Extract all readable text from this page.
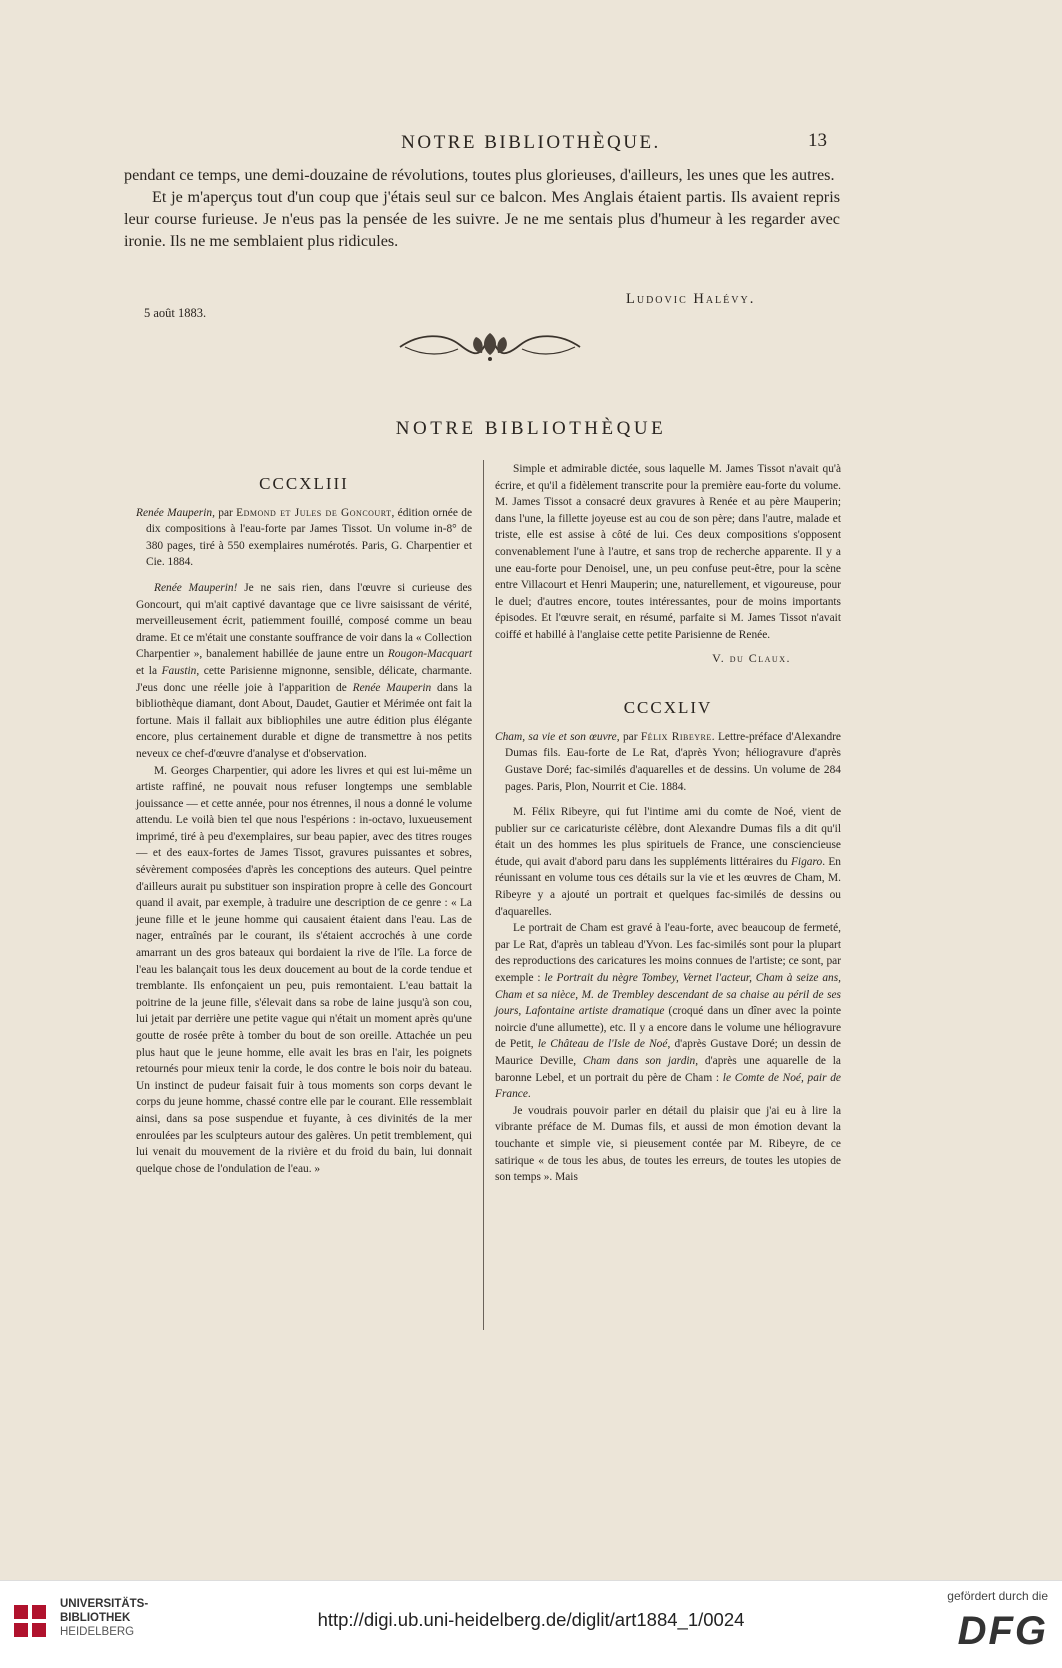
NOTRE BIBLIOTHÈQUE.	13

pendant ce temps, une demi-douzaine de révolutions, toutes plus glorieuses, d'ailleurs, les unes que les autres.

Et je m'aperçus tout d'un coup que j'étais seul sur ce balcon. Mes Anglais étaient partis. Ils avaient repris leur course furieuse. Je n'eus pas la pensée de les suivre. Je ne me sentais plus d'humeur à les regarder avec ironie. Ils ne me semblaient plus ridicules.

Ludovic Halévy.
5 août 1883.
NOTRE BIBLIOTHÈQUE
CCCXLIII

Renée Mauperin, par Edmond et Jules de Goncourt, édition ornée de dix compositions à l'eau-forte par James Tissot. Un volume in-8° de 380 pages, tiré à 550 exemplaires numérotés. Paris, G. Charpentier et Cie. 1884.

Renée Mauperin! Je ne sais rien, dans l'œuvre si curieuse des Goncourt, qui m'ait captivé davantage que ce livre saisissant de vérité, merveilleusement écrit, patiemment fouillé, composé comme un beau drame. Et ce m'était une constante souffrance de voir dans la « Collection Charpentier », banalement habillée de jaune entre un Rougon-Macquart et la Faustin, cette Parisienne mignonne, sensible, délicate, charmante. J'eus donc une réelle joie à l'apparition de Renée Mauperin dans la bibliothèque diamant, dont About, Daudet, Gautier et Mérimée ont fait la fortune. Mais il fallait aux bibliophiles une autre édition plus élégante encore, plus certainement durable et digne de transmettre à nos petits neveux ce chef-d'œuvre d'analyse et d'observation.

M. Georges Charpentier, qui adore les livres et qui est lui-même un artiste raffiné, ne pouvait nous refuser longtemps une semblable jouissance — et cette année, pour nos étrennes, il nous a donné le volume attendu. Le voilà bien tel que nous l'espérions : in-octavo, luxueusement imprimé, tiré à peu d'exemplaires, sur beau papier, avec des titres rouges — et des eaux-fortes de James Tissot, gravures puissantes et sobres, sévèrement composées d'après les conceptions des auteurs. Quel peintre d'ailleurs aurait pu substituer son inspiration propre à celle des Goncourt quand il avait, par exemple, à traduire une description de ce genre : « La jeune fille et le jeune homme qui causaient étaient dans l'eau. Las de nager, entraînés par le courant, ils s'étaient accrochés à une corde amarrant un des gros bateaux qui bordaient la rive de l'île. La force de l'eau les balançait tous les deux doucement au bout de la corde tendue et tremblante. Ils enfonçaient un peu, puis remontaient. L'eau battait la poitrine de la jeune fille, s'élevait dans sa robe de laine jusqu'à son cou, lui jetait par derrière une petite vague qui n'était un moment après qu'une goutte de rosée prête à tomber du bout de son oreille. Attachée un peu plus haut que le jeune homme, elle avait les bras en l'air, les poignets retournés pour mieux tenir la corde, le dos contre le bois noir du bateau. Un instinct de pudeur faisait fuir à tous moments son corps devant le corps du jeune homme, chassé contre elle par le courant. Elle ressemblait ainsi, dans sa pose suspendue et fuyante, à ces divinités de la mer enroulées par les sculpteurs autour des galères. Un petit tremblement, qui lui venait du mouvement de la rivière et du froid du bain, lui donnait quelque chose de l'ondulation de l'eau. »

Simple et admirable dictée, sous laquelle M. James Tissot n'avait qu'à écrire, et qu'il a fidèlement transcrite pour la première eau-forte du volume. M. James Tissot a consacré deux gravures à Renée et au père Mauperin; dans l'une, la fillette joyeuse est au cou de son père; dans l'autre, malade et triste, elle est assise à côté de lui. Ces deux compositions s'opposent convenablement l'une à l'autre, et sans trop de recherche apparente. Il y a une eau-forte pour Denoisel, une, un peu confuse peut-être, pour la scène entre Villacourt et Henri Mauperin; une, naturellement, et vigoureuse, pour le duel; d'autres encore, toutes intéressantes, pour de moins importants épisodes. Et l'œuvre serait, en résumé, parfaite si M. James Tissot n'avait coiffé et habillé à l'anglaise cette petite Parisienne de Renée.

V. du Claux.
CCCXLIV

Cham, sa vie et son œuvre, par Félix Ribeyre. Lettre-préface d'Alexandre Dumas fils. Eau-forte de Le Rat, d'après Yvon; héliogravure d'après Gustave Doré; fac-similés d'aquarelles et de dessins. Un volume de 284 pages. Paris, Plon, Nourrit et Cie. 1884.

M. Félix Ribeyre, qui fut l'intime ami du comte de Noé, vient de publier sur ce caricaturiste célèbre, dont Alexandre Dumas fils a dit qu'il était un des hommes les plus spirituels de France, une consciencieuse étude, qui avait d'abord paru dans les suppléments littéraires du Figaro. En réunissant en volume tous ces détails sur la vie et les œuvres de Cham, M. Ribeyre y a ajouté un portrait et quelques fac-similés de dessins ou d'aquarelles.

Le portrait de Cham est gravé à l'eau-forte, avec beaucoup de fermeté, par Le Rat, d'après un tableau d'Yvon. Les fac-similés sont pour la plupart des reproductions des caricatures les moins connues de l'artiste; ce sont, par exemple : le Portrait du nègre Tombey, Vernet l'acteur, Cham à seize ans, Cham et sa nièce, M. de Trembley descendant de sa chaise au péril de ses jours, Lafontaine artiste dramatique (croqué dans un dîner avec la pointe noircie d'une allumette), etc. Il y a encore dans le volume une héliogravure de Petit, le Château de l'Isle de Noé, d'après Gustave Doré; un dessin de Maurice Deville, Cham dans son jardin, d'après une aquarelle de la baronne Lebel, et un portrait du père de Cham : le Comte de Noé, pair de France.

Je voudrais pouvoir parler en détail du plaisir que j'ai eu à lire la vibrante préface de M. Dumas fils, et aussi de mon émotion devant la touchante et simple vie, si pieusement contée par M. Ribeyre, de ce satirique « de tous les abus, de toutes les erreurs, de toutes les utopies de son temps ». Mais

UNIVERSITÄTS-
BIBLIOTHEK
HEIDELBERG
http://digi.ub.uni-heidelberg.de/diglit/art1884_1/0024
gefördert durch die
DFG
